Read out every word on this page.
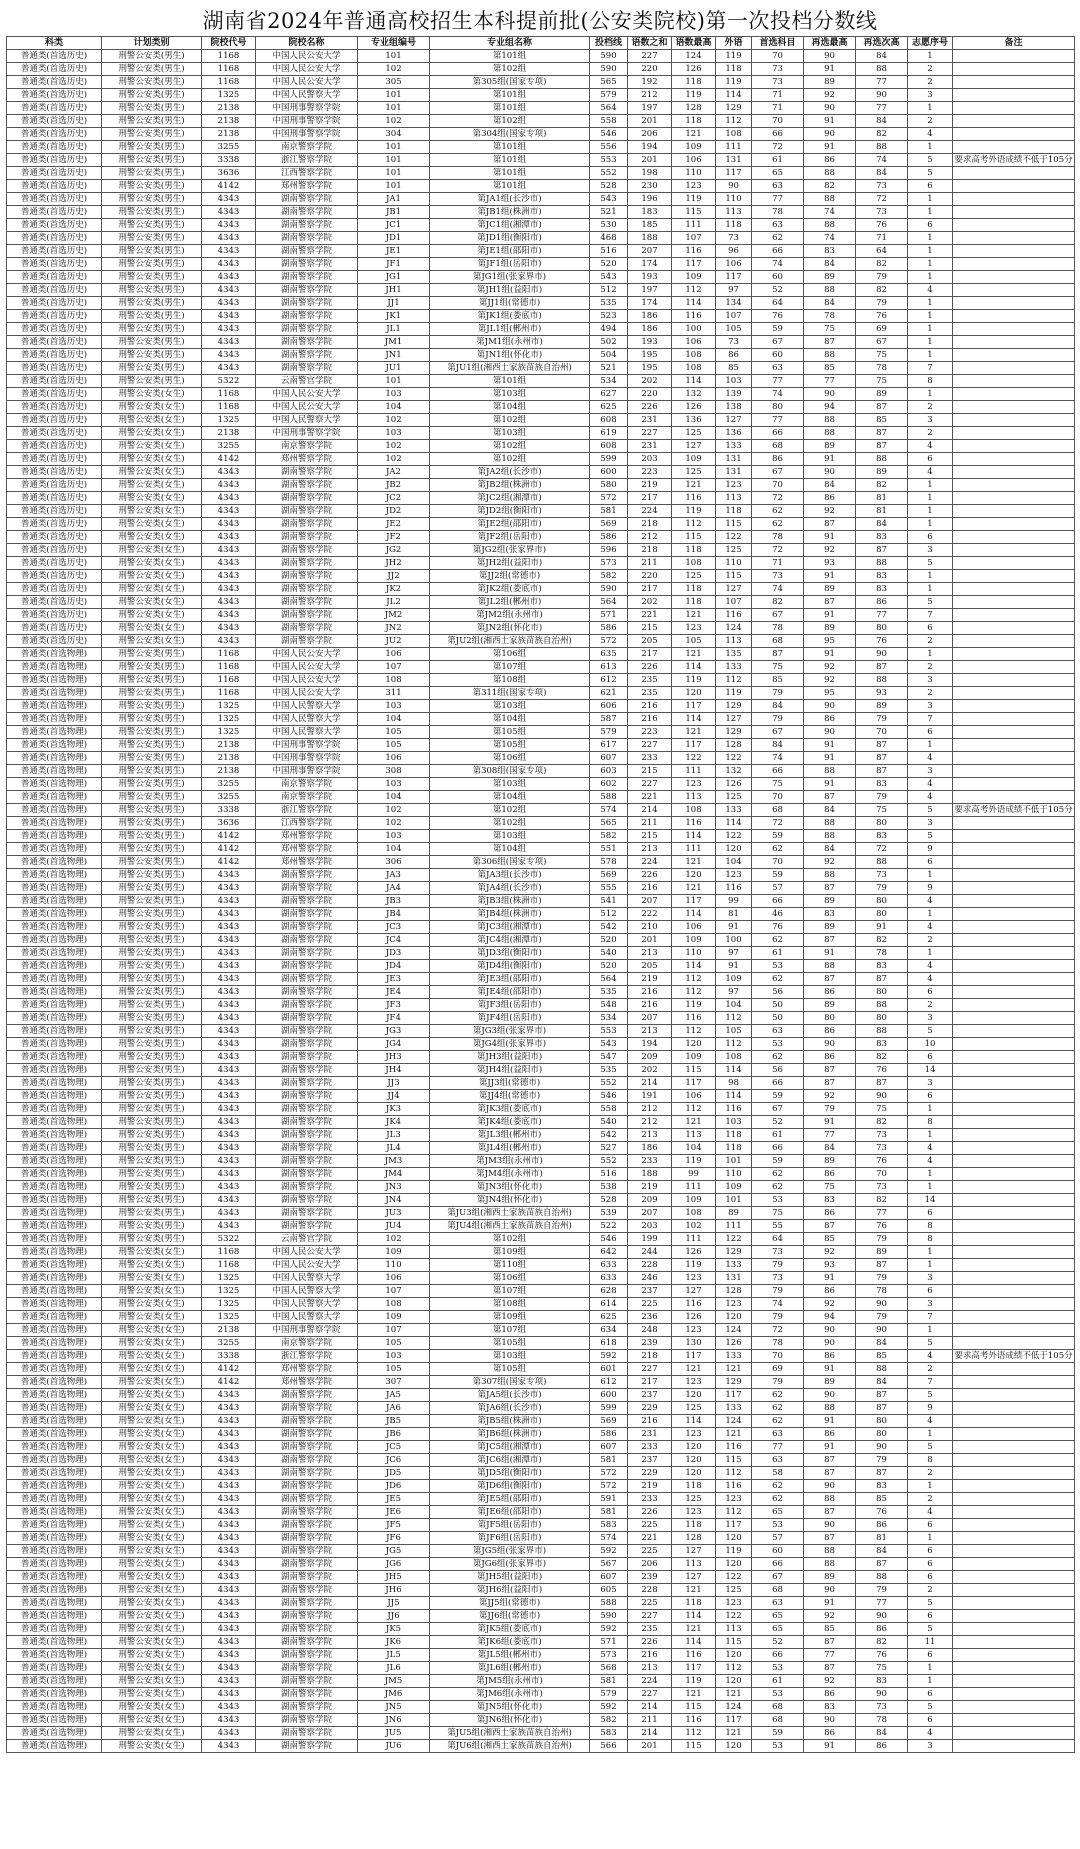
湖南省2024年普通高校招生本科提前批(公安类院校)第一次投档分数线
科类	计划类别	院校代号	院校名称	专业组编号	专业组名称	投档线	语数之和	语数最高	外语	首选科目	再选最高	再选次高	志愿序号	备注
普通类(首选历史)	刑警公安类(男生)	1168	中国人民公安大学	101	第101组	590	227	124	119	70	90	84	1	
普通类(首选历史)	刑警公安类(男生)	1168	中国人民公安大学	102	第102组	590	220	126	118	73	91	88	2	
普通类(首选历史)	刑警公安类(男生)	1168	中国人民公安大学	305	第305组(国家专项)	565	192	118	119	73	89	77	2	
普通类(首选历史)	刑警公安类(男生)	1325	中国人民警察大学	101	第101组	579	212	119	114	71	92	90	3	
普通类(首选历史)	刑警公安类(男生)	2138	中国刑事警察学院	101	第101组	564	197	128	129	71	90	77	1	
普通类(首选历史)	刑警公安类(男生)	2138	中国刑事警察学院	102	第102组	558	201	118	112	70	91	84	2	
普通类(首选历史)	刑警公安类(男生)	2138	中国刑事警察学院	304	第304组(国家专项)	546	206	121	108	66	90	82	4	
普通类(首选历史)	刑警公安类(男生)	3255	南京警察学院	101	第101组	556	194	109	111	72	91	88	1	
普通类(首选历史)	刑警公安类(男生)	3338	浙江警察学院	101	第101组	553	201	106	131	61	86	74	5	要求高考外语成绩不低于105分
普通类(首选历史)	刑警公安类(男生)	3636	江西警察学院	101	第101组	552	198	110	117	65	88	84	5	
普通类(首选历史)	刑警公安类(男生)	4142	郑州警察学院	101	第101组	528	230	123	90	63	82	73	6	
普通类(首选历史)	刑警公安类(男生)	4343	湖南警察学院	JA1	第JA1组(长沙市)	543	196	119	110	77	88	72	1	
普通类(首选历史)	刑警公安类(男生)	4343	湖南警察学院	JB1	第JB1组(株洲市)	521	183	115	113	78	74	73	1	
普通类(首选历史)	刑警公安类(男生)	4343	湖南警察学院	JC1	第JC1组(湘潭市)	530	185	111	118	63	88	76	6	
普通类(首选历史)	刑警公安类(男生)	4343	湖南警察学院	JD1	第JD1组(衡阳市)	468	188	107	73	62	74	71	1	
普通类(首选历史)	刑警公安类(男生)	4343	湖南警察学院	JE1	第JE1组(邵阳市)	516	207	116	96	66	83	64	1	
普通类(首选历史)	刑警公安类(男生)	4343	湖南警察学院	JF1	第JF1组(岳阳市)	520	174	117	106	74	84	82	1	
普通类(首选历史)	刑警公安类(男生)	4343	湖南警察学院	JG1	第JG1组(张家界市)	543	193	109	117	60	89	79	1	
普通类(首选历史)	刑警公安类(男生)	4343	湖南警察学院	JH1	第JH1组(益阳市)	512	197	112	97	52	88	82	4	
普通类(首选历史)	刑警公安类(男生)	4343	湖南警察学院	JJ1	第JJ1组(常德市)	535	174	114	134	64	84	79	1	
普通类(首选历史)	刑警公安类(男生)	4343	湖南警察学院	JK1	第JK1组(娄底市)	523	186	116	107	76	78	76	1	
普通类(首选历史)	刑警公安类(男生)	4343	湖南警察学院	JL1	第JL1组(郴州市)	494	186	100	105	59	75	69	1	
普通类(首选历史)	刑警公安类(男生)	4343	湖南警察学院	JM1	第JM1组(永州市)	502	193	106	73	67	87	67	1	
普通类(首选历史)	刑警公安类(男生)	4343	湖南警察学院	JN1	第JN1组(怀化市)	504	195	108	86	60	88	75	1	
普通类(首选历史)	刑警公安类(男生)	4343	湖南警察学院	JU1	第JU1组(湘西土家族苗族自治州)	521	195	108	85	63	85	78	7	
普通类(首选历史)	刑警公安类(男生)	5322	云南警官学院	101	第101组	534	202	114	103	77	77	75	8	
普通类(首选历史)	刑警公安类(女生)	1168	中国人民公安大学	103	第103组	627	220	132	139	74	90	89	1	
普通类(首选历史)	刑警公安类(女生)	1168	中国人民公安大学	104	第104组	625	226	126	138	80	94	87	2	
普通类(首选历史)	刑警公安类(女生)	1325	中国人民警察大学	102	第102组	608	231	136	127	77	88	85	3	
普通类(首选历史)	刑警公安类(女生)	2138	中国刑事警察学院	103	第103组	619	227	125	136	66	88	87	2	
普通类(首选历史)	刑警公安类(女生)	3255	南京警察学院	102	第102组	608	231	127	133	68	89	87	4	
普通类(首选历史)	刑警公安类(女生)	4142	郑州警察学院	102	第102组	599	203	109	131	86	91	88	6	
普通类(首选历史)	刑警公安类(女生)	4343	湖南警察学院	JA2	第JA2组(长沙市)	600	223	125	131	67	90	89	4	
普通类(首选历史)	刑警公安类(女生)	4343	湖南警察学院	JB2	第JB2组(株洲市)	580	219	121	123	70	84	82	1	
普通类(首选历史)	刑警公安类(女生)	4343	湖南警察学院	JC2	第JC2组(湘潭市)	572	217	116	113	72	86	81	1	
普通类(首选历史)	刑警公安类(女生)	4343	湖南警察学院	JD2	第JD2组(衡阳市)	581	224	119	118	62	92	81	1	
普通类(首选历史)	刑警公安类(女生)	4343	湖南警察学院	JE2	第JE2组(邵阳市)	569	218	112	115	62	87	84	1	
普通类(首选历史)	刑警公安类(女生)	4343	湖南警察学院	JF2	第JF2组(岳阳市)	586	212	115	122	78	91	83	6	
普通类(首选历史)	刑警公安类(女生)	4343	湖南警察学院	JG2	第JG2组(张家界市)	596	218	118	125	72	92	87	3	
普通类(首选历史)	刑警公安类(女生)	4343	湖南警察学院	JH2	第JH2组(益阳市)	573	211	108	110	71	93	88	5	
普通类(首选历史)	刑警公安类(女生)	4343	湖南警察学院	JJ2	第JJ2组(常德市)	582	220	125	115	73	91	83	1	
普通类(首选历史)	刑警公安类(女生)	4343	湖南警察学院	JK2	第JK2组(娄底市)	590	217	118	127	74	89	83	1	
普通类(首选历史)	刑警公安类(女生)	4343	湖南警察学院	JL2	第JL2组(郴州市)	564	202	118	107	82	87	86	5	
普通类(首选历史)	刑警公安类(女生)	4343	湖南警察学院	JM2	第JM2组(永州市)	571	221	121	116	67	91	77	7	
普通类(首选历史)	刑警公安类(女生)	4343	湖南警察学院	JN2	第JN2组(怀化市)	586	215	123	124	78	89	80	6	
普通类(首选历史)	刑警公安类(女生)	4343	湖南警察学院	JU2	第JU2组(湘西土家族苗族自治州)	572	205	105	113	68	95	76	2	
普通类(首选物理)	刑警公安类(男生)	1168	中国人民公安大学	106	第106组	635	217	121	135	87	91	90	1	
普通类(首选物理)	刑警公安类(男生)	1168	中国人民公安大学	107	第107组	613	226	114	133	75	92	87	2	
普通类(首选物理)	刑警公安类(男生)	1168	中国人民公安大学	108	第108组	612	235	119	112	85	92	88	3	
普通类(首选物理)	刑警公安类(男生)	1168	中国人民公安大学	311	第311组(国家专项)	621	235	120	119	79	95	93	2	
普通类(首选物理)	刑警公安类(男生)	1325	中国人民警察大学	103	第103组	606	216	117	129	84	90	89	3	
普通类(首选物理)	刑警公安类(男生)	1325	中国人民警察大学	104	第104组	587	216	114	127	79	86	79	7	
普通类(首选物理)	刑警公安类(男生)	1325	中国人民警察大学	105	第105组	579	223	121	129	67	90	70	6	
普通类(首选物理)	刑警公安类(男生)	2138	中国刑事警察学院	105	第105组	617	227	117	128	84	91	87	1	
普通类(首选物理)	刑警公安类(男生)	2138	中国刑事警察学院	106	第106组	607	233	122	122	74	91	87	4	
普通类(首选物理)	刑警公安类(男生)	2138	中国刑事警察学院	308	第308组(国家专项)	603	215	111	132	66	88	87	3	
普通类(首选物理)	刑警公安类(男生)	3255	南京警察学院	103	第103组	602	227	123	126	75	91	83	4	
普通类(首选物理)	刑警公安类(男生)	3255	南京警察学院	104	第104组	588	221	113	125	70	87	79	4	
普通类(首选物理)	刑警公安类(男生)	3338	浙江警察学院	102	第102组	574	214	108	133	68	84	75	5	要求高考外语成绩不低于105分
普通类(首选物理)	刑警公安类(男生)	3636	江西警察学院	102	第102组	565	211	116	114	72	88	80	3	
普通类(首选物理)	刑警公安类(男生)	4142	郑州警察学院	103	第103组	582	215	114	122	59	88	83	5	
普通类(首选物理)	刑警公安类(男生)	4142	郑州警察学院	104	第104组	551	213	111	120	62	84	72	9	
普通类(首选物理)	刑警公安类(男生)	4142	郑州警察学院	306	第306组(国家专项)	578	224	121	104	70	92	88	6	
普通类(首选物理)	刑警公安类(男生)	4343	湖南警察学院	JA3	第JA3组(长沙市)	569	226	120	123	59	88	73	1	
普通类(首选物理)	刑警公安类(男生)	4343	湖南警察学院	JA4	第JA4组(长沙市)	555	216	121	116	57	87	79	9	
普通类(首选物理)	刑警公安类(男生)	4343	湖南警察学院	JB3	第JB3组(株洲市)	541	207	117	99	66	89	80	4	
普通类(首选物理)	刑警公安类(男生)	4343	湖南警察学院	JB4	第JB4组(株洲市)	512	222	114	81	46	83	80	1	
普通类(首选物理)	刑警公安类(男生)	4343	湖南警察学院	JC3	第JC3组(湘潭市)	542	210	106	91	76	89	91	4	
普通类(首选物理)	刑警公安类(男生)	4343	湖南警察学院	JC4	第JC4组(湘潭市)	520	201	109	100	62	87	82	2	
普通类(首选物理)	刑警公安类(男生)	4343	湖南警察学院	JD3	第JD3组(衡阳市)	540	213	110	97	61	91	78	1	
普通类(首选物理)	刑警公安类(男生)	4343	湖南警察学院	JD4	第JD4组(衡阳市)	520	205	114	91	53	88	83	4	
普通类(首选物理)	刑警公安类(男生)	4343	湖南警察学院	JE3	第JE3组(邵阳市)	564	219	112	109	62	87	87	4	
普通类(首选物理)	刑警公安类(男生)	4343	湖南警察学院	JE4	第JE4组(邵阳市)	535	216	112	97	56	86	80	6	
普通类(首选物理)	刑警公安类(男生)	4343	湖南警察学院	JF3	第JF3组(岳阳市)	548	216	119	104	50	89	88	2	
普通类(首选物理)	刑警公安类(男生)	4343	湖南警察学院	JF4	第JF4组(岳阳市)	534	207	116	112	50	80	80	3	
普通类(首选物理)	刑警公安类(男生)	4343	湖南警察学院	JG3	第JG3组(张家界市)	553	213	112	105	63	86	88	5	
普通类(首选物理)	刑警公安类(男生)	4343	湖南警察学院	JG4	第JG4组(张家界市)	543	194	120	112	53	90	83	10	
普通类(首选物理)	刑警公安类(男生)	4343	湖南警察学院	JH3	第JH3组(益阳市)	547	209	109	108	62	86	82	6	
普通类(首选物理)	刑警公安类(男生)	4343	湖南警察学院	JH4	第JH4组(益阳市)	535	202	115	114	56	87	76	14	
普通类(首选物理)	刑警公安类(男生)	4343	湖南警察学院	JJ3	第JJ3组(常德市)	552	214	117	98	66	87	87	3	
普通类(首选物理)	刑警公安类(男生)	4343	湖南警察学院	JJ4	第JJ4组(常德市)	546	191	106	114	59	92	90	6	
普通类(首选物理)	刑警公安类(男生)	4343	湖南警察学院	JK3	第JK3组(娄底市)	558	212	112	116	67	79	75	1	
普通类(首选物理)	刑警公安类(男生)	4343	湖南警察学院	JK4	第JK4组(娄底市)	540	212	121	103	52	91	82	8	
普通类(首选物理)	刑警公安类(男生)	4343	湖南警察学院	JL3	第JL3组(郴州市)	542	213	113	118	61	77	73	1	
普通类(首选物理)	刑警公安类(男生)	4343	湖南警察学院	JL4	第JL4组(郴州市)	527	186	104	118	66	84	73	4	
普通类(首选物理)	刑警公安类(男生)	4343	湖南警察学院	JM3	第JM3组(永州市)	552	233	119	101	59	89	76	4	
普通类(首选物理)	刑警公安类(男生)	4343	湖南警察学院	JM4	第JM4组(永州市)	516	188	99	110	62	86	70	1	
普通类(首选物理)	刑警公安类(男生)	4343	湖南警察学院	JN3	第JN3组(怀化市)	538	219	111	109	62	75	73	1	
普通类(首选物理)	刑警公安类(男生)	4343	湖南警察学院	JN4	第JN4组(怀化市)	528	209	109	101	53	83	82	14	
普通类(首选物理)	刑警公安类(男生)	4343	湖南警察学院	JU3	第JU3组(湘西土家族苗族自治州)	539	207	108	89	75	86	77	6	
普通类(首选物理)	刑警公安类(男生)	4343	湖南警察学院	JU4	第JU4组(湘西土家族苗族自治州)	522	203	102	111	55	87	76	8	
普通类(首选物理)	刑警公安类(男生)	5322	云南警官学院	102	第102组	546	199	111	122	64	85	79	8	
普通类(首选物理)	刑警公安类(女生)	1168	中国人民公安大学	109	第109组	642	244	126	129	73	92	89	1	
普通类(首选物理)	刑警公安类(女生)	1168	中国人民公安大学	110	第110组	633	228	119	133	79	93	87	1	
普通类(首选物理)	刑警公安类(女生)	1325	中国人民警察大学	106	第106组	633	246	123	131	73	91	79	3	
普通类(首选物理)	刑警公安类(女生)	1325	中国人民警察大学	107	第107组	628	237	127	128	79	86	78	6	
普通类(首选物理)	刑警公安类(女生)	1325	中国人民警察大学	108	第108组	614	225	116	123	74	92	90	3	
普通类(首选物理)	刑警公安类(女生)	1325	中国人民警察大学	109	第109组	625	236	126	120	79	94	79	7	
普通类(首选物理)	刑警公安类(女生)	2138	中国刑事警察学院	107	第107组	634	248	123	124	72	90	90	1	
普通类(首选物理)	刑警公安类(女生)	3255	南京警察学院	105	第105组	618	239	130	126	78	90	84	5	
普通类(首选物理)	刑警公安类(女生)	3338	浙江警察学院	103	第103组	592	218	117	133	70	86	85	4	要求高考外语成绩不低于105分
普通类(首选物理)	刑警公安类(女生)	4142	郑州警察学院	105	第105组	601	227	121	121	69	91	88	2	
普通类(首选物理)	刑警公安类(女生)	4142	郑州警察学院	307	第307组(国家专项)	612	217	123	129	79	89	84	7	
普通类(首选物理)	刑警公安类(女生)	4343	湖南警察学院	JA5	第JA5组(长沙市)	600	237	120	117	62	90	87	5	
普通类(首选物理)	刑警公安类(女生)	4343	湖南警察学院	JA6	第JA6组(长沙市)	599	229	125	133	62	88	87	9	
普通类(首选物理)	刑警公安类(女生)	4343	湖南警察学院	JB5	第JB5组(株洲市)	569	216	114	124	62	91	80	4	
普通类(首选物理)	刑警公安类(女生)	4343	湖南警察学院	JB6	第JB6组(株洲市)	586	231	123	121	63	86	80	1	
普通类(首选物理)	刑警公安类(女生)	4343	湖南警察学院	JC5	第JC5组(湘潭市)	607	233	120	116	77	91	90	5	
普通类(首选物理)	刑警公安类(女生)	4343	湖南警察学院	JC6	第JC6组(湘潭市)	581	237	120	115	63	87	79	8	
普通类(首选物理)	刑警公安类(女生)	4343	湖南警察学院	JD5	第JD5组(衡阳市)	572	229	120	112	58	87	87	2	
普通类(首选物理)	刑警公安类(女生)	4343	湖南警察学院	JD6	第JD6组(衡阳市)	572	219	118	116	62	90	83	1	
普通类(首选物理)	刑警公安类(女生)	4343	湖南警察学院	JE5	第JE5组(邵阳市)	591	233	125	123	62	88	85	2	
普通类(首选物理)	刑警公安类(女生)	4343	湖南警察学院	JE6	第JE6组(邵阳市)	581	226	123	112	65	87	76	4	
普通类(首选物理)	刑警公安类(女生)	4343	湖南警察学院	JF5	第JF5组(岳阳市)	583	225	118	117	53	90	86	6	
普通类(首选物理)	刑警公安类(女生)	4343	湖南警察学院	JF6	第JF6组(岳阳市)	574	221	128	120	57	87	81	1	
普通类(首选物理)	刑警公安类(女生)	4343	湖南警察学院	JG5	第JG5组(张家界市)	592	225	127	119	60	88	84	6	
普通类(首选物理)	刑警公安类(女生)	4343	湖南警察学院	JG6	第JG6组(张家界市)	567	206	113	120	66	88	87	6	
普通类(首选物理)	刑警公安类(女生)	4343	湖南警察学院	JH5	第JH5组(益阳市)	607	239	127	122	67	89	88	6	
普通类(首选物理)	刑警公安类(女生)	4343	湖南警察学院	JH6	第JH6组(益阳市)	605	228	121	125	68	90	79	2	
普通类(首选物理)	刑警公安类(女生)	4343	湖南警察学院	JJ5	第JJ5组(常德市)	588	225	118	123	63	91	77	5	
普通类(首选物理)	刑警公安类(女生)	4343	湖南警察学院	JJ6	第JJ6组(常德市)	590	227	114	122	65	92	90	6	
普通类(首选物理)	刑警公安类(女生)	4343	湖南警察学院	JK5	第JK5组(娄底市)	592	235	121	113	65	85	86	5	
普通类(首选物理)	刑警公安类(女生)	4343	湖南警察学院	JK6	第JK6组(娄底市)	571	226	114	115	52	87	82	11	
普通类(首选物理)	刑警公安类(女生)	4343	湖南警察学院	JL5	第JL5组(郴州市)	573	216	116	120	66	77	76	6	
普通类(首选物理)	刑警公安类(女生)	4343	湖南警察学院	JL6	第JL6组(郴州市)	568	213	117	112	53	87	75	1	
普通类(首选物理)	刑警公安类(女生)	4343	湖南警察学院	JM5	第JM5组(永州市)	581	224	119	120	61	92	83	1	
普通类(首选物理)	刑警公安类(女生)	4343	湖南警察学院	JM6	第JM6组(永州市)	579	227	121	121	53	86	90	6	
普通类(首选物理)	刑警公安类(女生)	4343	湖南警察学院	JN5	第JN5组(怀化市)	592	214	115	124	68	83	73	5	
普通类(首选物理)	刑警公安类(女生)	4343	湖南警察学院	JN6	第JN6组(怀化市)	582	211	116	117	68	90	78	6	
普通类(首选物理)	刑警公安类(女生)	4343	湖南警察学院	JU5	第JU5组(湘西土家族苗族自治州)	583	214	112	121	59	86	84	4	
普通类(首选物理)	刑警公安类(女生)	4343	湖南警察学院	JU6	第JU6组(湘西土家族苗族自治州)	566	201	115	120	53	91	86	3	
